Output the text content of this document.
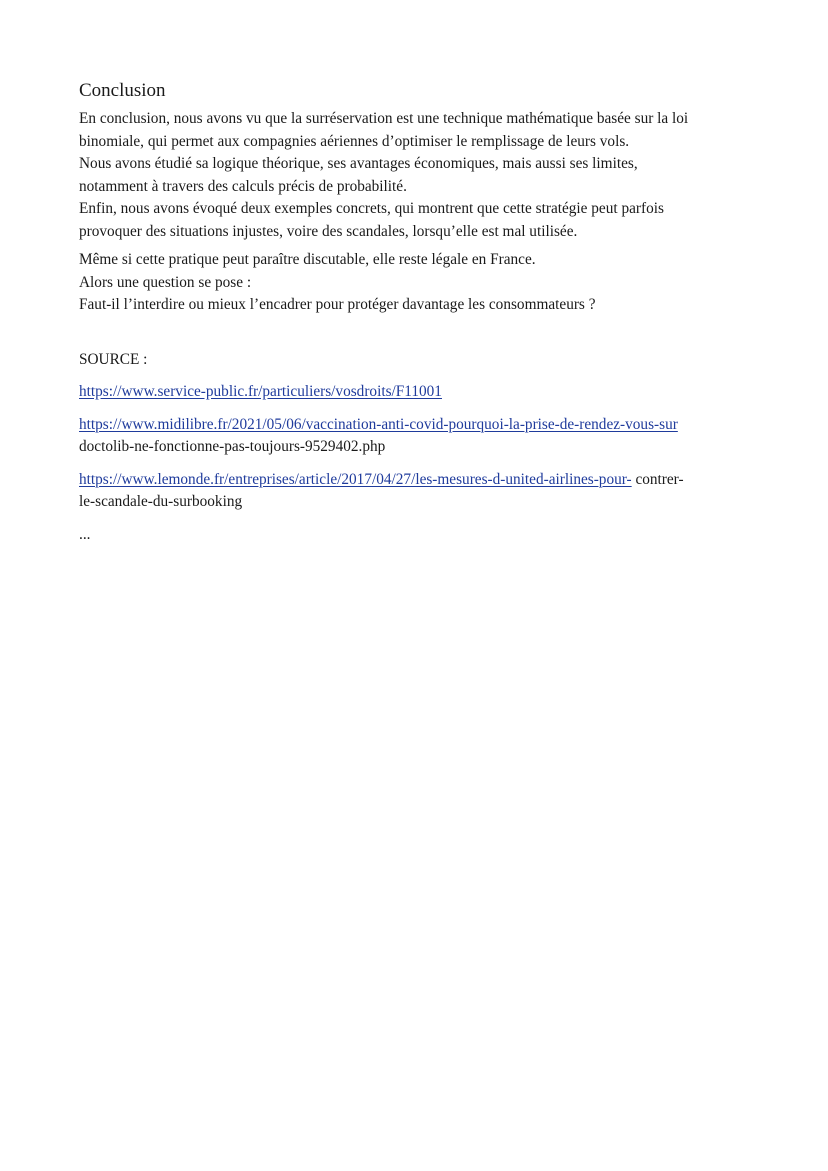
Conclusion

En conclusion, nous avons vu que la surréservation est une technique mathématique basée sur la loi
binomiale, qui permet aux compagnies aériennes d’optimiser le remplissage de leurs vols.
Nous avons étudié sa logique théorique, ses avantages économiques, mais aussi ses limites,
notamment à travers des calculs précis de probabilité.
Enfin, nous avons évoqué deux exemples concrets, qui montrent que cette stratégie peut parfois
provoquer des situations injustes, voire des scandales, lorsqu’elle est mal utilisée.

Même si cette pratique peut paraître discutable, elle reste légale en France.
Alors une question se pose :
Faut-il l’interdire ou mieux l’encadrer pour protéger davantage les consommateurs ?

SOURCE :

https://www.service-public.fr/particuliers/vosdroits/F11001

https://www.midilibre.fr/2021/05/06/vaccination-anti-covid-pourquoi-la-prise-de-rendez-vous-sur
doctolib-ne-fonctionne-pas-toujours-9529402.php

https://www.lemonde.fr/entreprises/article/2017/04/27/les-mesures-d-united-airlines-pour- contrer-
le-scandale-du-surbooking

...
